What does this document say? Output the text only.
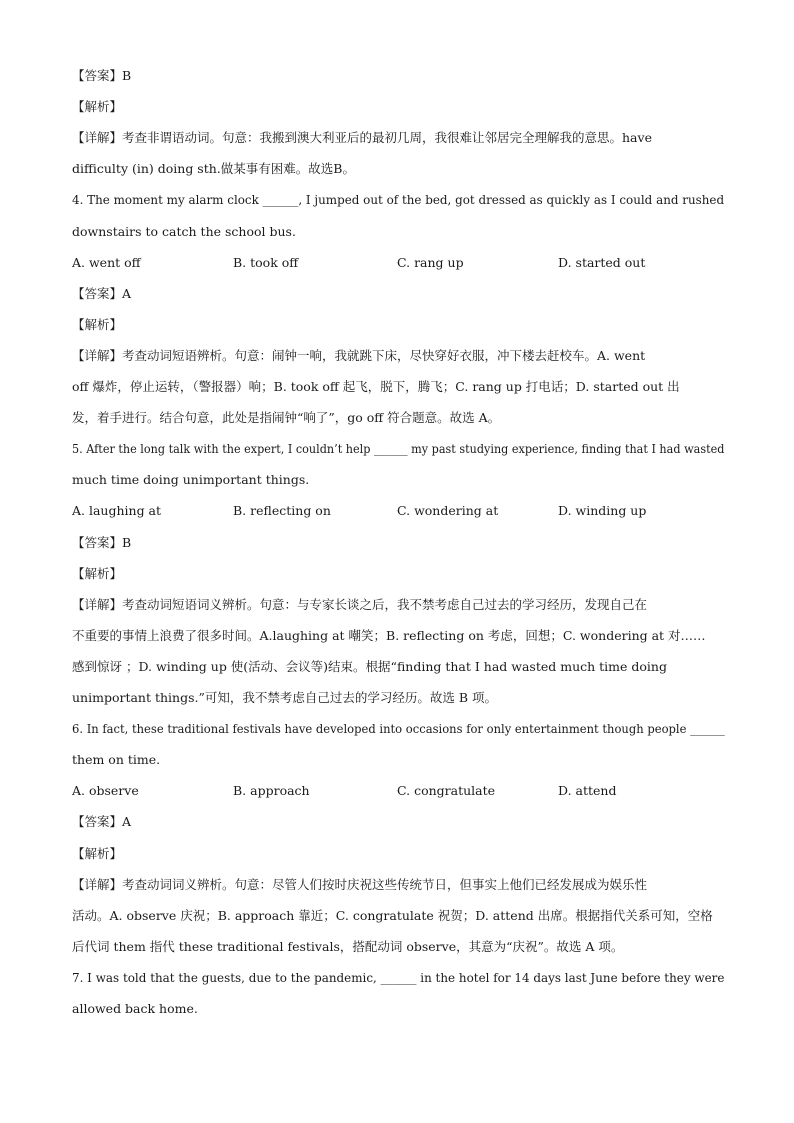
【答案】B
【解析】
【详解】考查非谓语动词。句意：我搬到澳大利亚后的最初几周，我很难让邻居完全理解我的意思。have
difficulty (in) doing sth.做某事有困难。故选B。
4. The moment my alarm clock ______, I jumped out of the bed, got dressed as quickly as I could and rushed
downstairs to catch the school bus.
A. went off	B. took off	C. rang up	D. started out
【答案】A
【解析】
【详解】考查动词短语辨析。句意：闹钟一响，我就跳下床，尽快穿好衣服，冲下楼去赶校车。A. went
off 爆炸，停止运转，（警报器）响；B. took off 起飞，脱下，腾飞；C. rang up 打电话；D. started out 出
发，着手进行。结合句意，此处是指闹钟“响了”，go off 符合题意。故选 A。
5. After the long talk with the expert, I couldn’t help ______ my past studying experience, finding that I had wasted
much time doing unimportant things.
A. laughing at	B. reflecting on	C. wondering at	D. winding up
【答案】B
【解析】
【详解】考查动词短语词义辨析。句意：与专家长谈之后，我不禁考虑自己过去的学习经历，发现自己在
不重要的事情上浪费了很多时间。A.laughing at 嘲笑；B. reflecting on 考虑，回想；C. wondering at 对……
感到惊讶 ；D. winding up 使(活动、会议等)结束。根据“finding that I had wasted much time doing
unimportant things.”可知，我不禁考虑自己过去的学习经历。故选 B 项。
6. In fact, these traditional festivals have developed into occasions for only entertainment though people ______
them on time.
A. observe	B. approach	C. congratulate	D. attend
【答案】A
【解析】
【详解】考查动词词义辨析。句意：尽管人们按时庆祝这些传统节日，但事实上他们已经发展成为娱乐性
活动。A. observe 庆祝；B. approach 靠近；C. congratulate 祝贺；D. attend 出席。根据指代关系可知，空格
后代词 them 指代 these traditional festivals，搭配动词 observe，其意为“庆祝”。故选 A 项。
7. I was told that the guests, due to the pandemic, ______ in the hotel for 14 days last June before they were
allowed back home.
